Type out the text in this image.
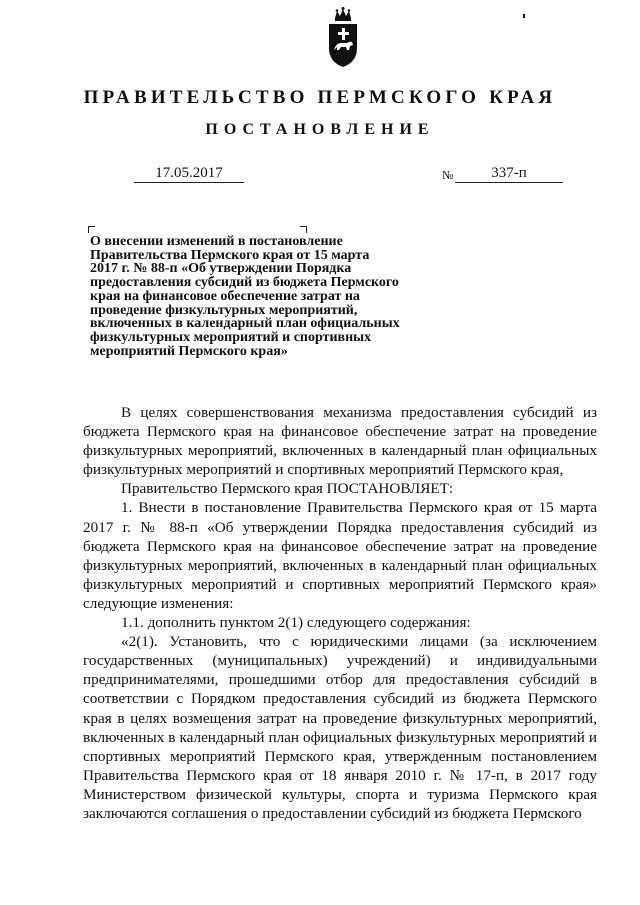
ПРАВИТЕЛЬСТВО ПЕРМСКОГО КРАЯ
ПОСТАНОВЛЕНИЕ
17.05.2017	№	337-п

О внесении изменений в постановление Правительства Пермского края от 15 марта 2017 г. № 88-п «Об утверждении Порядка предоставления субсидий из бюджета Пермского края на финансовое обеспечение затрат на проведение физкультурных мероприятий, включенных в календарный план официальных физкультурных мероприятий и спортивных мероприятий Пермского края»

В целях совершенствования механизма предоставления субсидий из бюджета Пермского края на финансовое обеспечение затрат на проведение физкультурных мероприятий, включенных в календарный план официальных физкультурных мероприятий и спортивных мероприятий Пермского края,

Правительство Пермского края ПОСТАНОВЛЯЕТ:

1. Внести в постановление Правительства Пермского края от 15 марта 2017 г. № 88-п «Об утверждении Порядка предоставления субсидий из бюджета Пермского края на финансовое обеспечение затрат на проведение физкультурных мероприятий, включенных в календарный план официальных физкультурных мероприятий и спортивных мероприятий Пермского края» следующие изменения:

1.1. дополнить пунктом 2(1) следующего содержания:

«2(1). Установить, что с юридическими лицами (за исключением государственных (муниципальных) учреждений) и индивидуальными предпринимателями, прошедшими отбор для предоставления субсидий в соответствии с Порядком предоставления субсидий из бюджета Пермского края в целях возмещения затрат на проведение физкультурных мероприятий, включенных в календарный план официальных физкультурных мероприятий и спортивных мероприятий Пермского края, утвержденным постановлением Правительства Пермского края от 18 января 2010 г. № 17-п, в 2017 году Министерством физической культуры, спорта и туризма Пермского края заключаются соглашения о предоставлении субсидий из бюджета Пермского
